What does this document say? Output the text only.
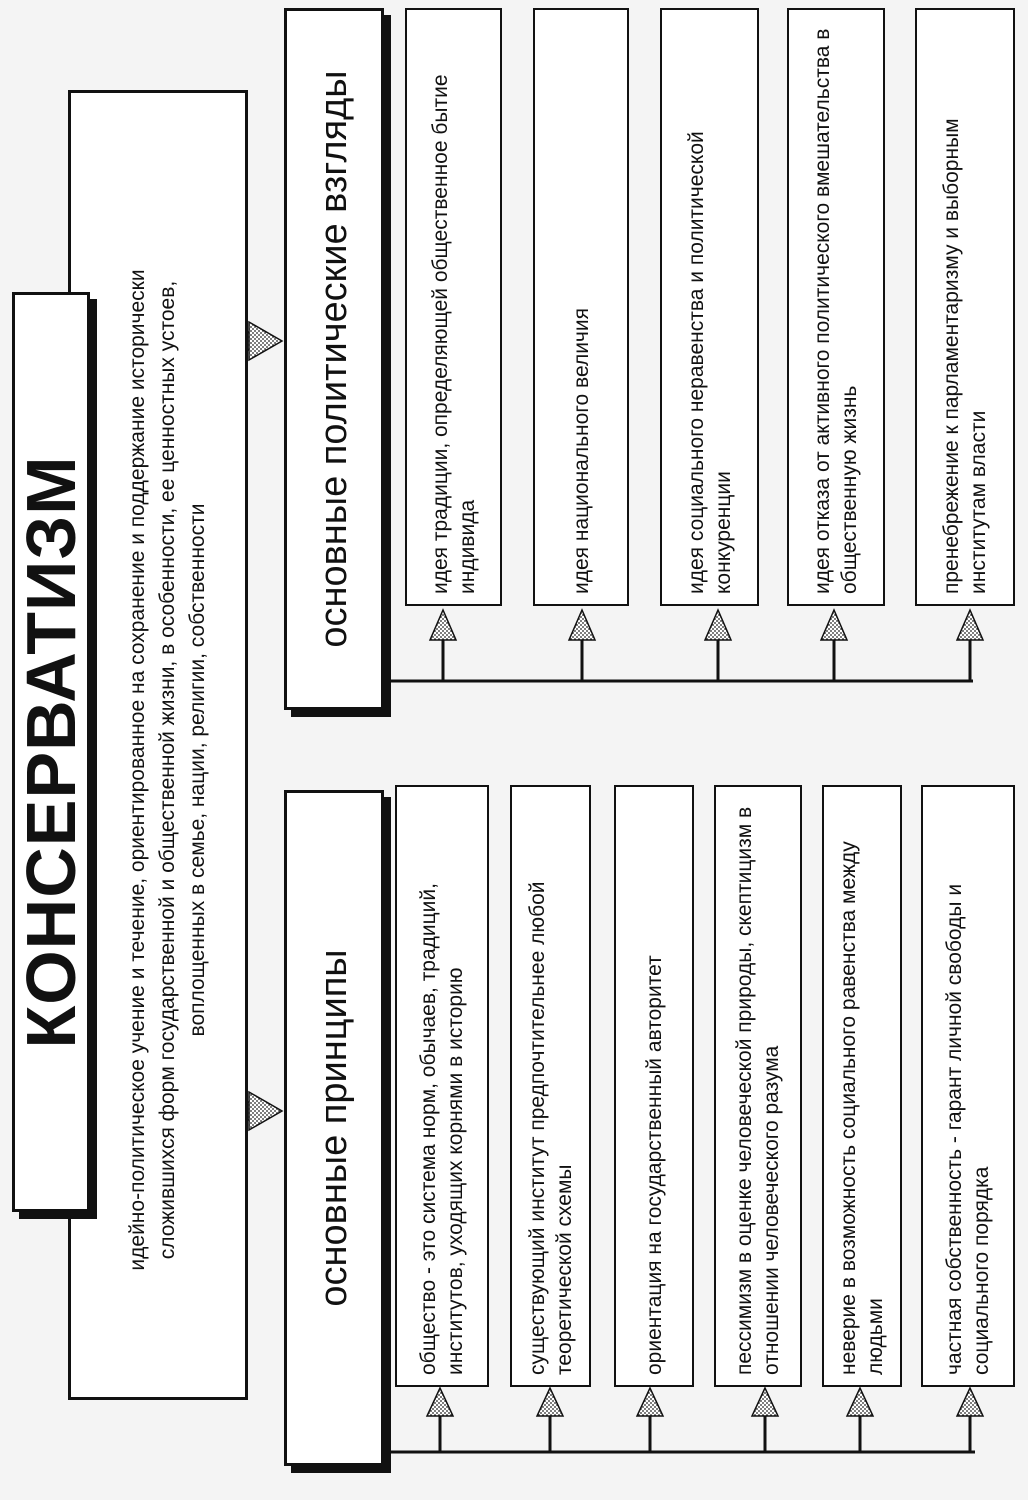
КОНСЕРВАТИЗМ	идейно-политическое учение и течение, ориентированное на сохранение и поддержание исторически сложившихся форм государственной и общественной жизни, в особенности, ее ценностных устоев, воплощенных в семье, нации, религии, собственности
основные политические взгляды
основные принципы
идея традиции, определяющей общественное бытие индивида	идея национального величия	идея социального неравенства и политической конкуренции	идея отказа от активного политического вмешательства в общественную жизнь	пренебрежение к парламентаризму и выборным институтам власти
общество - это система норм, обычаев, традиций, институтов, уходящих корнями в историю	существующий институт предпочтительнее любой теоретической схемы	ориентация на государственный авторитет	пессимизм в оценке человеческой природы, скептицизм в отношении человеческого разума	неверие в возможность социального равенства между людьми	частная собственность - гарант личной свободы и социального порядка
